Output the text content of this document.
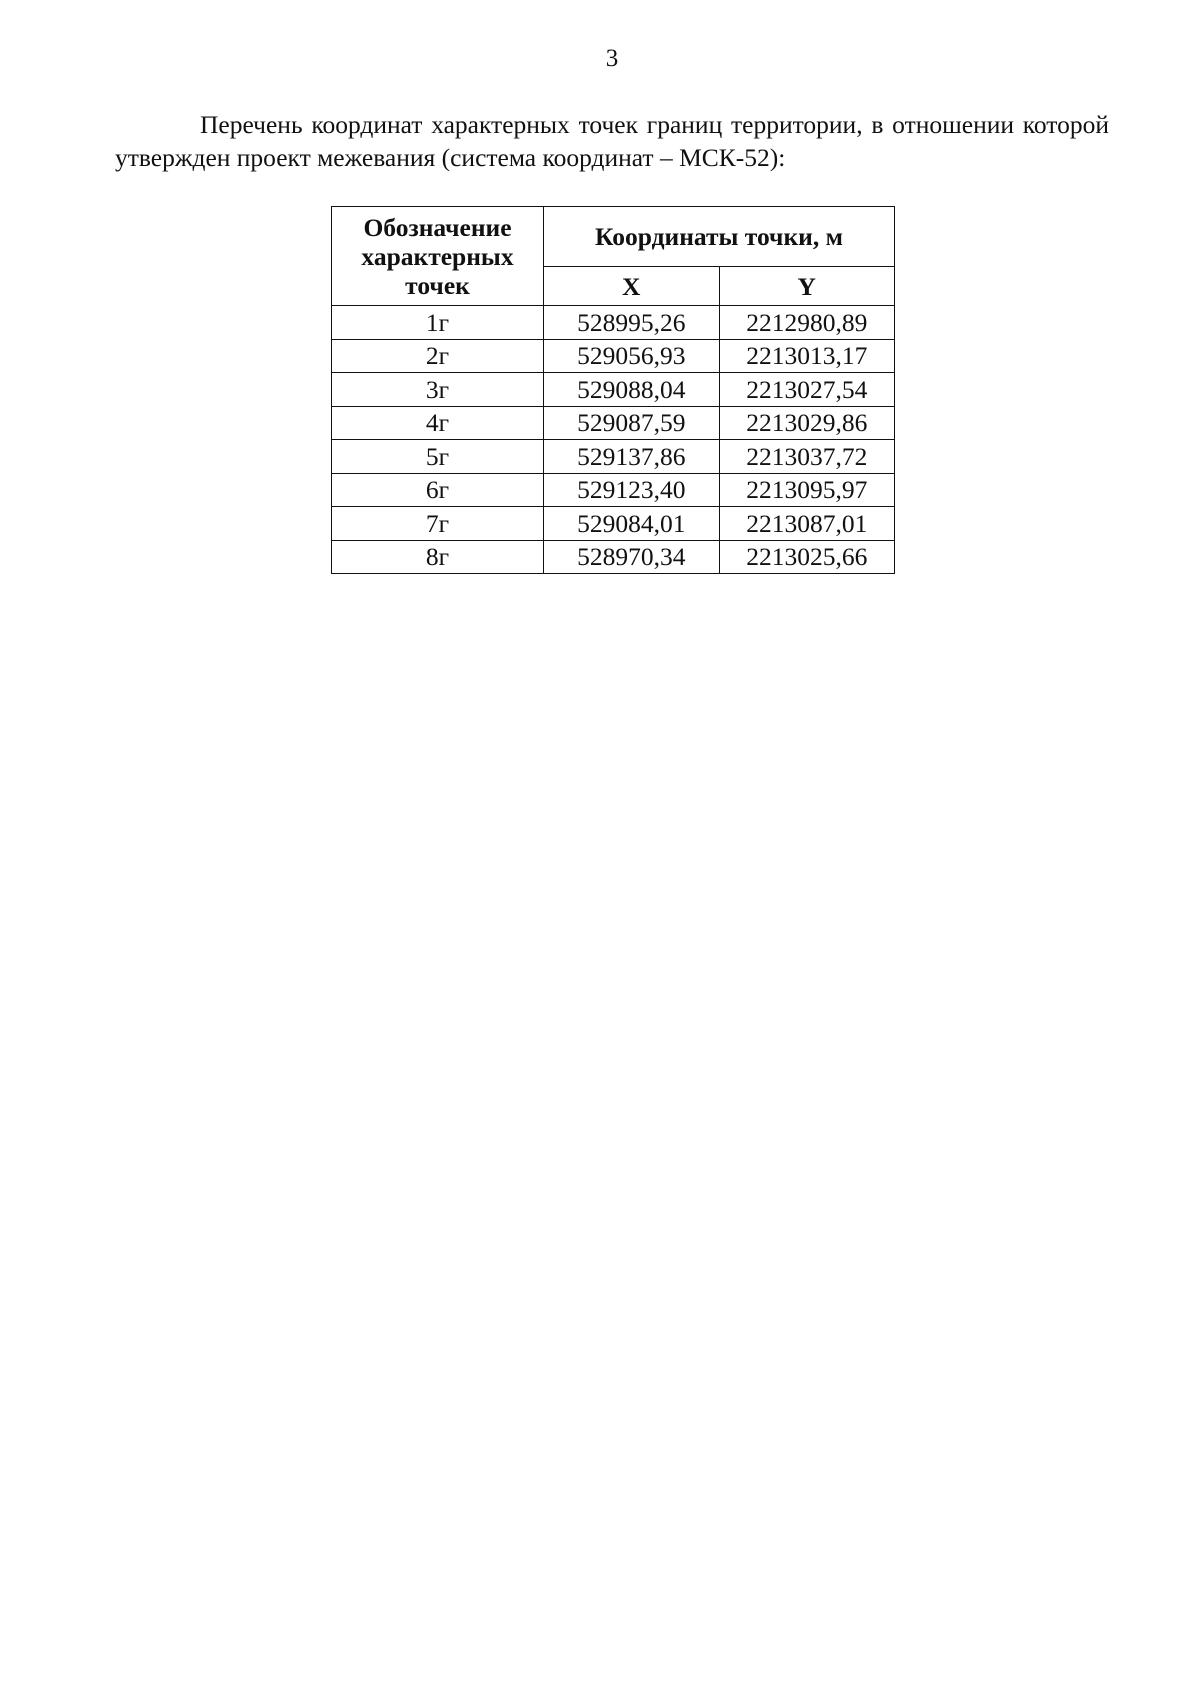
3

Перечень координат характерных точек границ территории, в отношении которой утвержден проект межевания (система координат – МСК-52):

Обозначение характерных точек	Координаты точки, м	
	X	Y
1г	528995,26	2212980,89
2г	529056,93	2213013,17
3г	529088,04	2213027,54
4г	529087,59	2213029,86
5г	529137,86	2213037,72
6г	529123,40	2213095,97
7г	529084,01	2213087,01
8г	528970,34	2213025,66
